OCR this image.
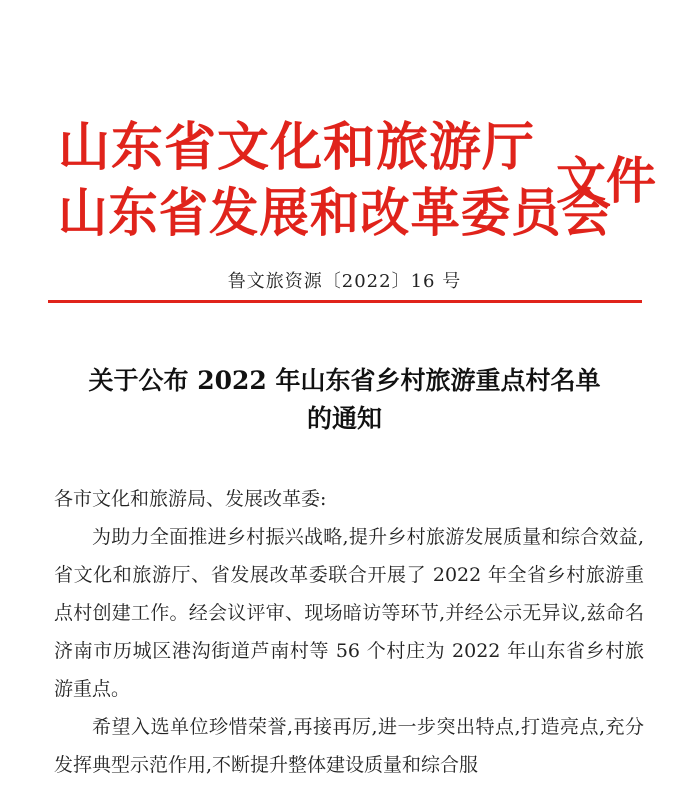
山东省文化和旅游厅
山东省发展和改革委员会
文件
鲁文旅资源〔2022〕16 号
关于公布 2022 年山东省乡村旅游重点村名单
的通知

各市文化和旅游局、发展改革委:

为助力全面推进乡村振兴战略,提升乡村旅游发展质量和综合效益,省文化和旅游厅、省发展改革委联合开展了 2022 年全省乡村旅游重点村创建工作。经会议评审、现场暗访等环节,并经公示无异议,兹命名济南市历城区港沟街道芦南村等 56 个村庄为 2022 年山东省乡村旅游重点。

希望入选单位珍惜荣誉,再接再厉,进一步突出特点,打造亮点,充分发挥典型示范作用,不断提升整体建设质量和综合服
